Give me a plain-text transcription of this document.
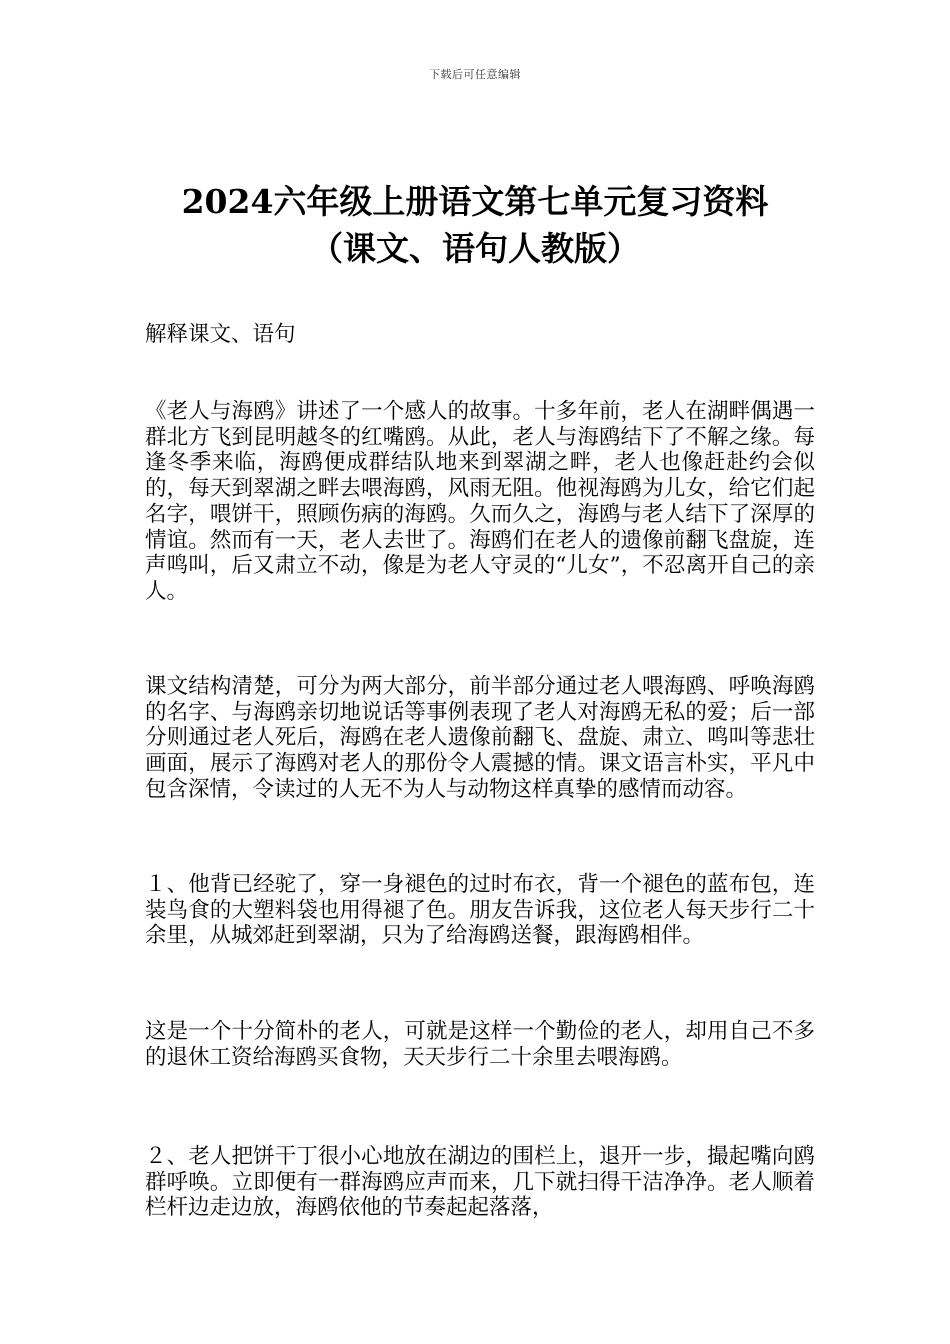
下载后可任意编辑
2024六年级上册语文第七单元复习资料
（课文、语句人教版）

解释课文、语句

《老人与海鸥》讲述了一个感人的故事。十多年前，老人在湖畔偶遇一群北方飞到昆明越冬的红嘴鸥。从此，老人与海鸥结下了不解之缘。每逢冬季来临，海鸥便成群结队地来到翠湖之畔，老人也像赶赴约会似的，每天到翠湖之畔去喂海鸥，风雨无阻。他视海鸥为儿女，给它们起名字，喂饼干，照顾伤病的海鸥。久而久之，海鸥与老人结下了深厚的情谊。然而有一天，老人去世了。海鸥们在老人的遗像前翻飞盘旋，连声鸣叫，后又肃立不动，像是为老人守灵的“儿女”，不忍离开自己的亲人。

课文结构清楚，可分为两大部分，前半部分通过老人喂海鸥、呼唤海鸥的名字、与海鸥亲切地说话等事例表现了老人对海鸥无私的爱；后一部分则通过老人死后，海鸥在老人遗像前翻飞、盘旋、肃立、鸣叫等悲壮画面，展示了海鸥对老人的那份令人震撼的情。课文语言朴实，平凡中包含深情，令读过的人无不为人与动物这样真挚的感情而动容。

１、他背已经驼了，穿一身褪色的过时布衣，背一个褪色的蓝布包，连装鸟食的大塑料袋也用得褪了色。朋友告诉我，这位老人每天步行二十余里，从城郊赶到翠湖，只为了给海鸥送餐，跟海鸥相伴。

这是一个十分简朴的老人，可就是这样一个勤俭的老人，却用自己不多的退休工资给海鸥买食物，天天步行二十余里去喂海鸥。

２、老人把饼干丁很小心地放在湖边的围栏上，退开一步，撮起嘴向鸥群呼唤。立即便有一群海鸥应声而来，几下就扫得干洁净净。老人顺着栏杆边走边放，海鸥依他的节奏起起落落，
